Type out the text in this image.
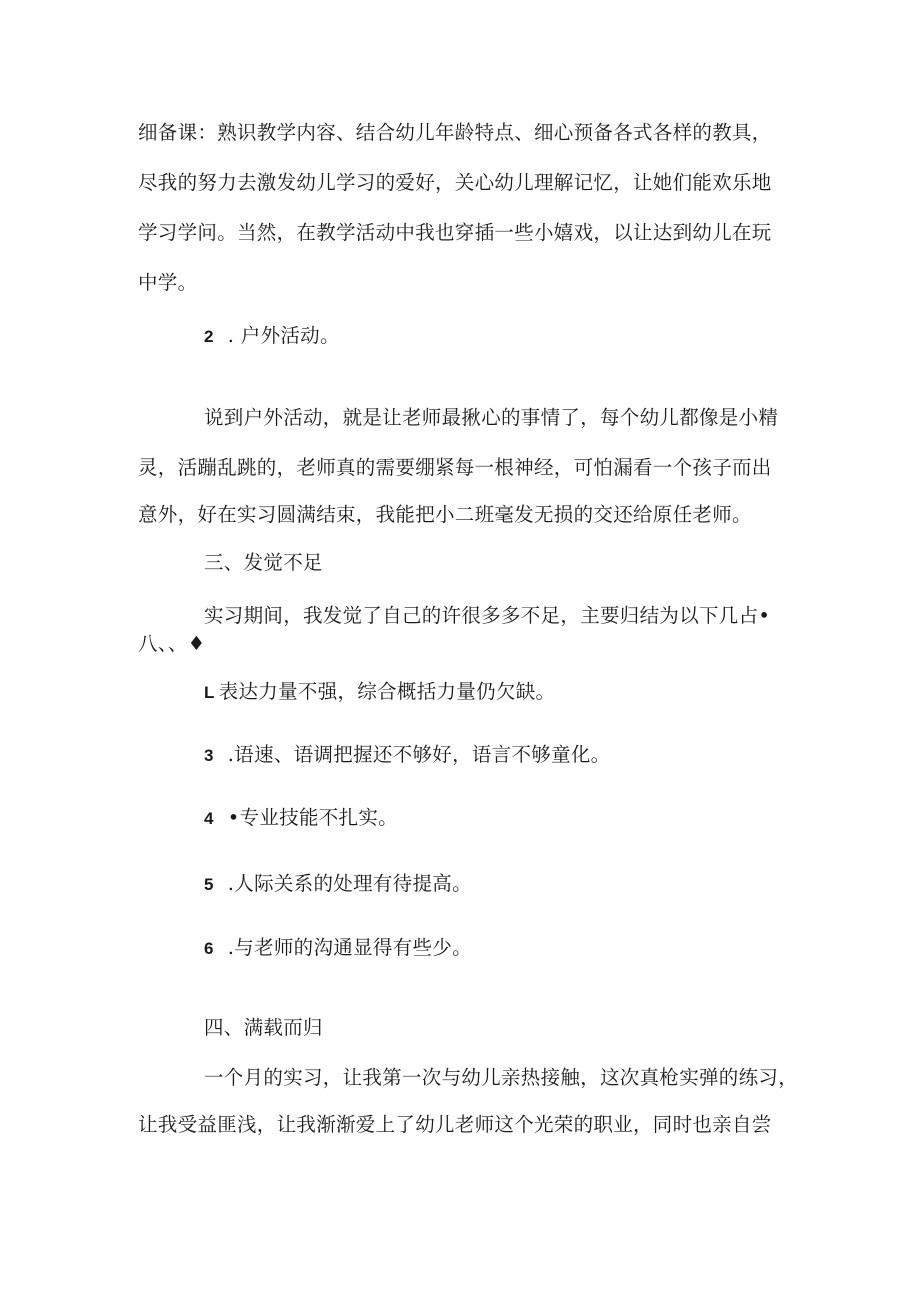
细备课：熟识教学内容、结合幼儿年龄特点、细心预备各式各样的教具，
尽我的努力去激发幼儿学习的爱好，关心幼儿理解记忆，让她们能欢乐地
学习学问。当然，在教学活动中我也穿插一些小嬉戏，以让达到幼儿在玩
中学。
2 . 户外活动。
说到户外活动，就是让老师最揪心的事情了，每个幼儿都像是小精
灵，活蹦乱跳的，老师真的需要绷紧每一根神经，可怕漏看一个孩子而出
意外，好在实习圆满结束，我能把小二班毫发无损的交还给原任老师。
三、发觉不足
实习期间，我发觉了自己的许很多多不足，主要归结为以下几占•
八、、♦
L 表达力量不强，综合概括力量仍欠缺。
3 .语速、语调把握还不够好，语言不够童化。
4 •专业技能不扎实。
5 .人际关系的处理有待提高。
6 .与老师的沟通显得有些少。
四、满载而归
一个月的实习，让我第一次与幼儿亲热接触，这次真枪实弹的练习，
让我受益匪浅，让我渐渐爱上了幼儿老师这个光荣的职业，同时也亲自尝
